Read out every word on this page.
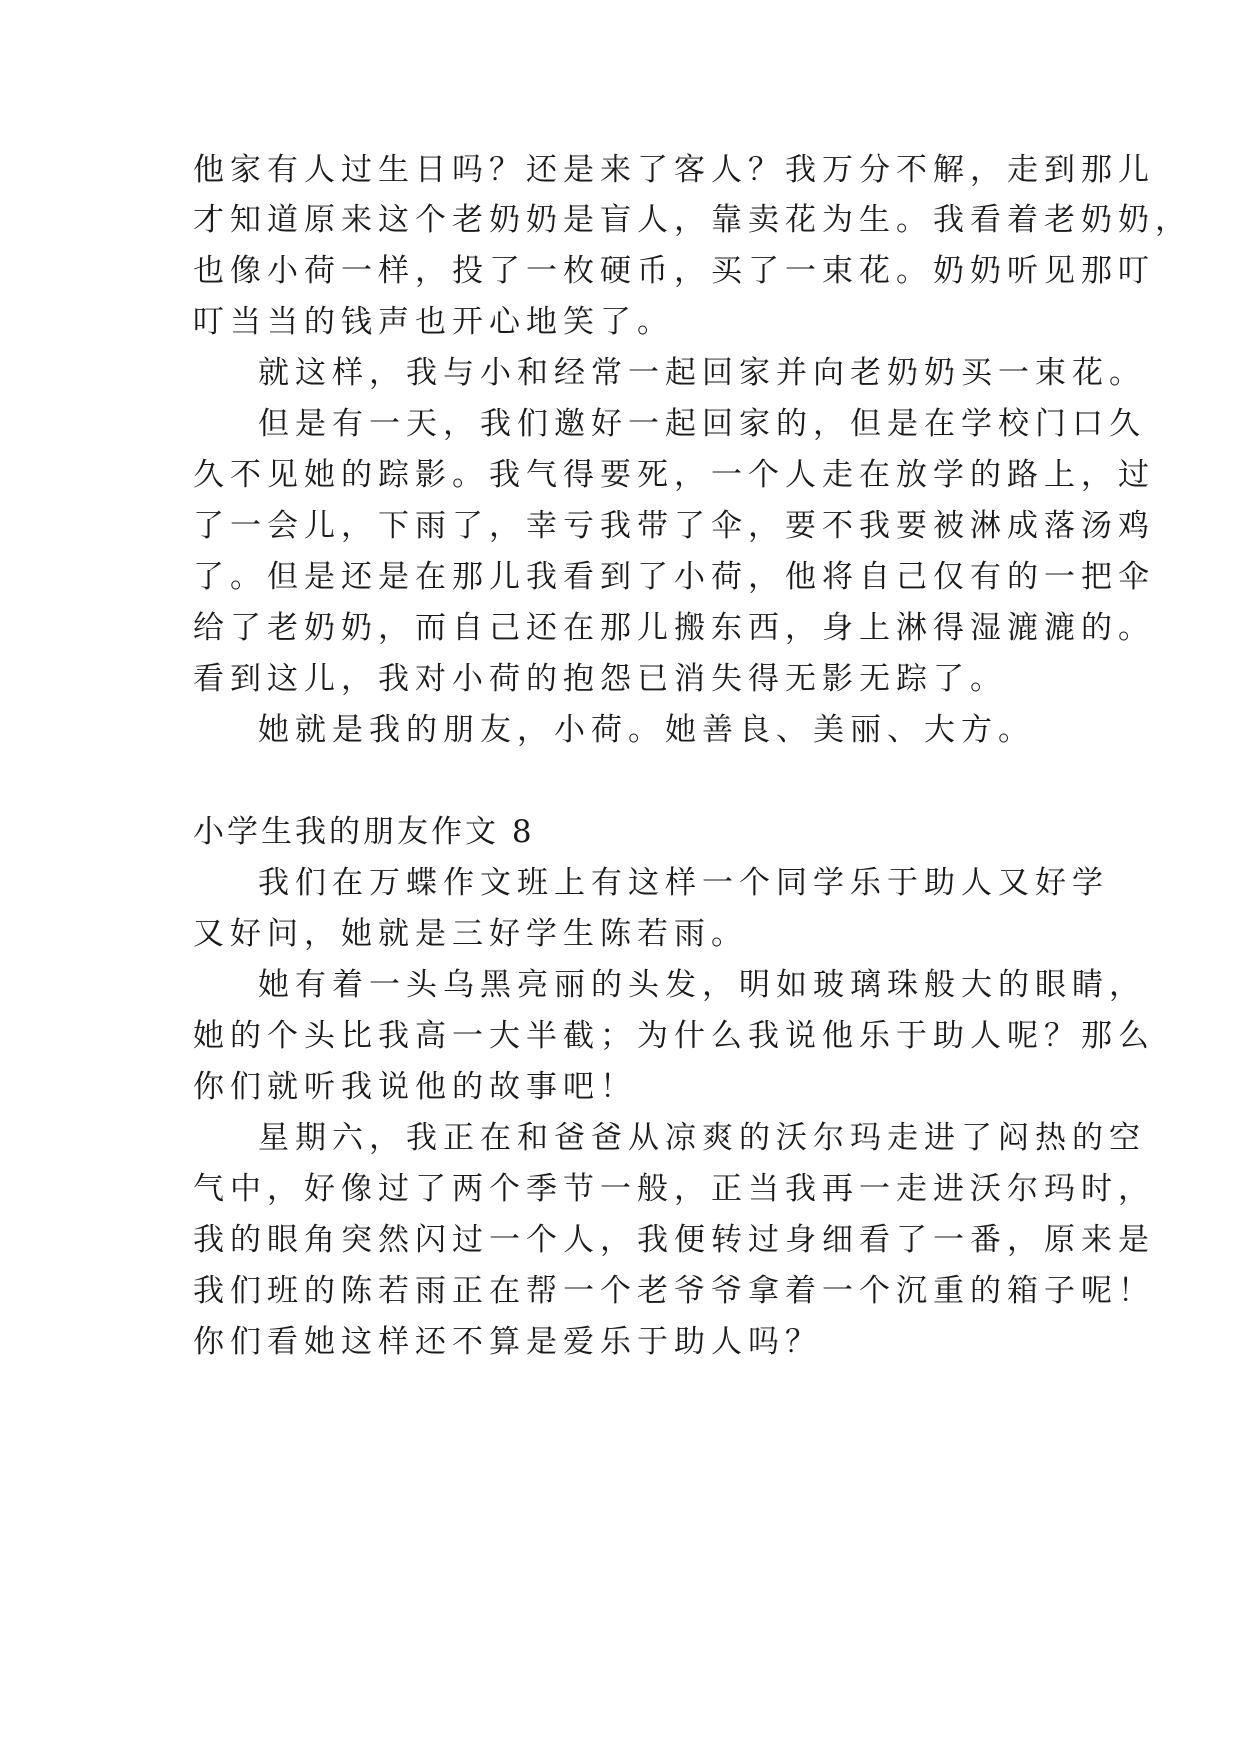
他家有人过生日吗？还是来了客人？我万分不解，走到那儿
才知道原来这个老奶奶是盲人，靠卖花为生。我看着老奶奶，
也像小荷一样，投了一枚硬币，买了一束花。奶奶听见那叮
叮当当的钱声也开心地笑了。
就这样，我与小和经常一起回家并向老奶奶买一束花。
但是有一天，我们邀好一起回家的，但是在学校门口久
久不见她的踪影。我气得要死，一个人走在放学的路上，过
了一会儿，下雨了，幸亏我带了伞，要不我要被淋成落汤鸡
了。但是还是在那儿我看到了小荷，他将自己仅有的一把伞
给了老奶奶，而自己还在那儿搬东西，身上淋得湿漉漉的。
看到这儿，我对小荷的抱怨已消失得无影无踪了。
她就是我的朋友，小荷。她善良、美丽、大方。
小学生我的朋友作文 8
我们在万蝶作文班上有这样一个同学乐于助人又好学
又好问，她就是三好学生陈若雨。
她有着一头乌黑亮丽的头发，明如玻璃珠般大的眼睛，
她的个头比我高一大半截；为什么我说他乐于助人呢？那么
你们就听我说他的故事吧！
星期六，我正在和爸爸从凉爽的沃尔玛走进了闷热的空
气中，好像过了两个季节一般，正当我再一走进沃尔玛时，
我的眼角突然闪过一个人，我便转过身细看了一番，原来是
我们班的陈若雨正在帮一个老爷爷拿着一个沉重的箱子呢！
你们看她这样还不算是爱乐于助人吗？
